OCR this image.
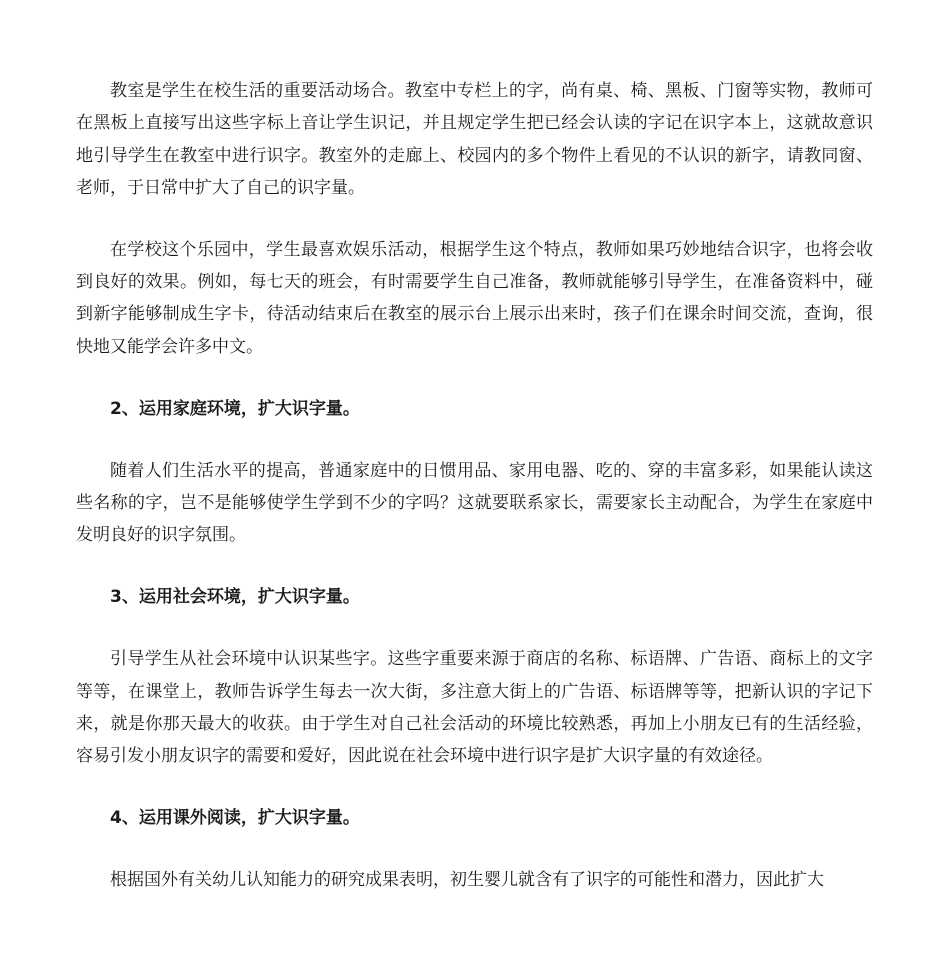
教室是学生在校生活的重要活动场合。教室中专栏上的字，尚有桌、椅、黑板、门窗等实物，教师可在黑板上直接写出这些字标上音让学生识记，并且规定学生把已经会认读的字记在识字本上，这就故意识地引导学生在教室中进行识字。教室外的走廊上、校园内的多个物件上看见的不认识的新字，请教同窗、老师，于日常中扩大了自己的识字量。

在学校这个乐园中，学生最喜欢娱乐活动，根据学生这个特点，教师如果巧妙地结合识字，也将会收到良好的效果。例如，每七天的班会，有时需要学生自己准备，教师就能够引导学生，在准备资料中，碰到新字能够制成生字卡，待活动结束后在教室的展示台上展示出来时，孩子们在课余时间交流，查询，很快地又能学会许多中文。

2、运用家庭环境，扩大识字量。

随着人们生活水平的提高，普通家庭中的日惯用品、家用电器、吃的、穿的丰富多彩，如果能认读这些名称的字，岂不是能够使学生学到不少的字吗？这就要联系家长，需要家长主动配合，为学生在家庭中发明良好的识字氛围。

3、运用社会环境，扩大识字量。

引导学生从社会环境中认识某些字。这些字重要来源于商店的名称、标语牌、广告语、商标上的文字等等，在课堂上，教师告诉学生每去一次大街，多注意大街上的广告语、标语牌等等，把新认识的字记下来，就是你那天最大的收获。由于学生对自己社会活动的环境比较熟悉，再加上小朋友已有的生活经验，容易引发小朋友识字的需要和爱好，因此说在社会环境中进行识字是扩大识字量的有效途径。

4、运用课外阅读，扩大识字量。

根据国外有关幼儿认知能力的研究成果表明，初生婴儿就含有了识字的可能性和潜力，因此扩大
